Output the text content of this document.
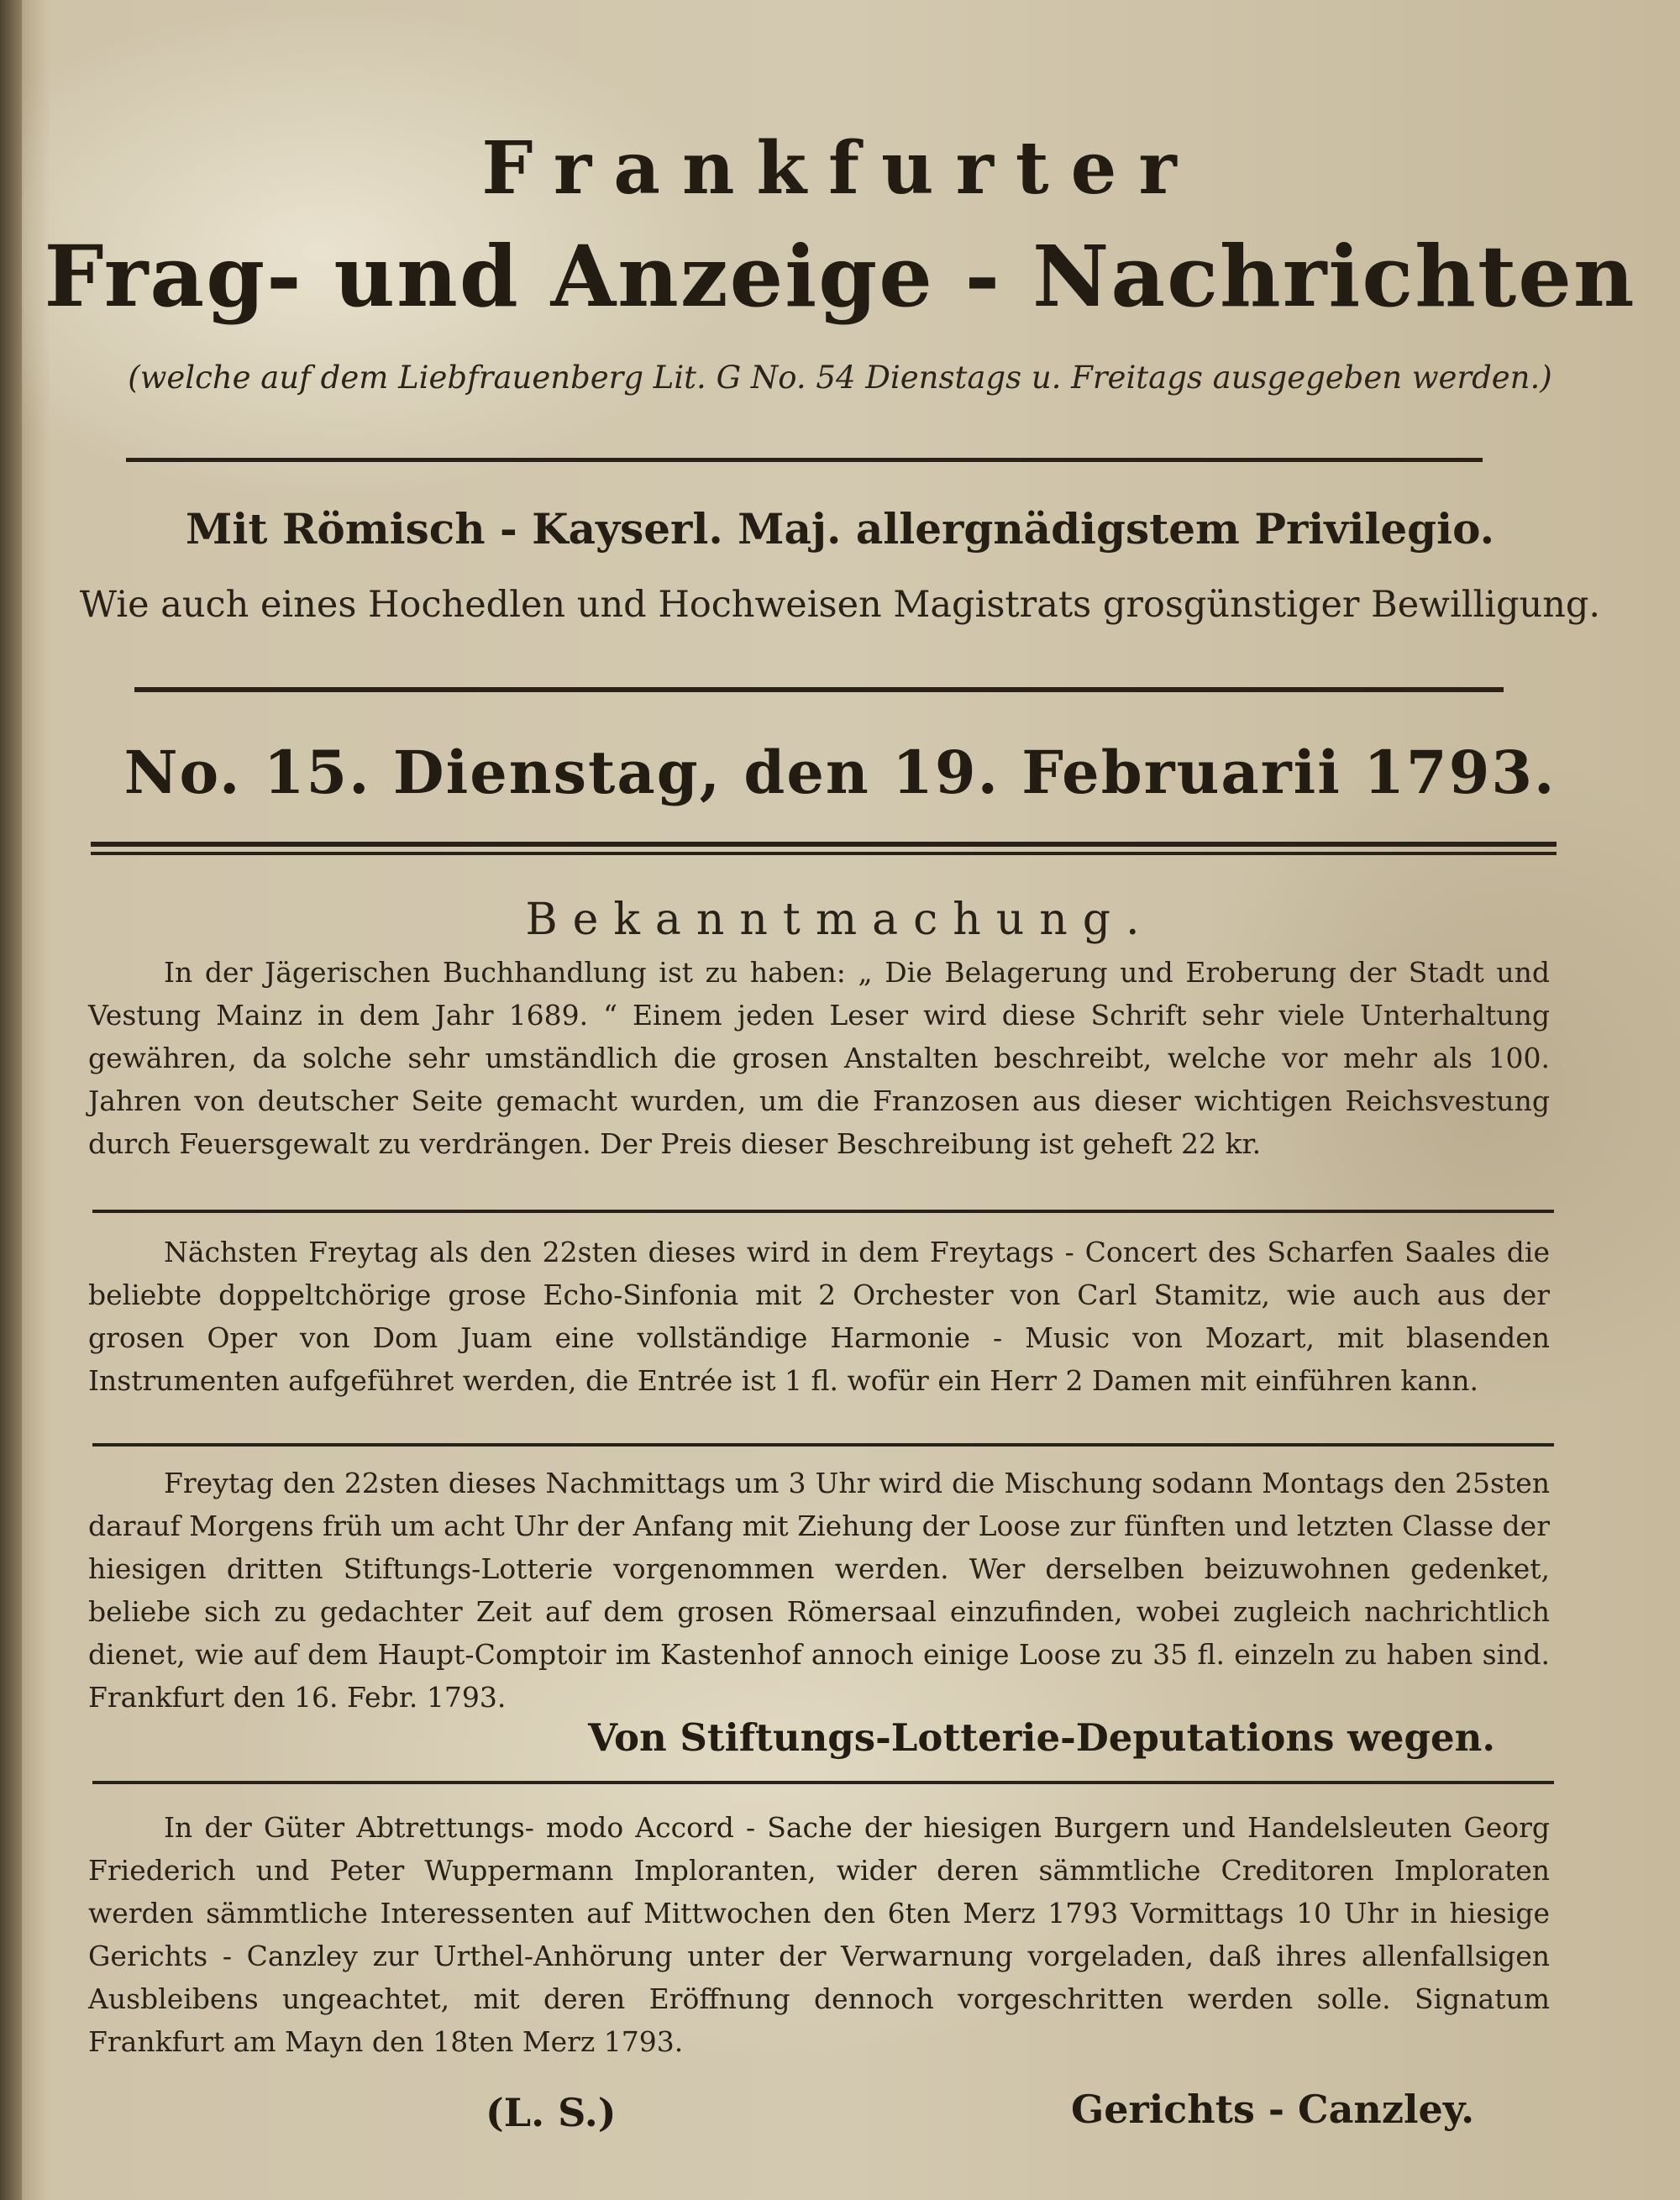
Frankfurter
Frag- und Anzeige - Nachrichten
(welche auf dem Liebfrauenberg Lit. G No. 54 Dienstags u. Freitags ausgegeben werden.)
Mit Römisch - Kayserl. Maj. allergnädigstem Privilegio.
Wie auch eines Hochedlen und Hochweisen Magistrats grosgünstiger Bewilligung.
No. 15. Dienstag, den 19. Februarii 1793.
Bekanntmachung.
In der Jägerischen Buchhandlung ist zu haben: „ Die Belagerung und Eroberung der Stadt und Vestung Mainz in dem Jahr 1689. “ Einem jeden Leser wird diese Schrift sehr viele Unterhaltung gewähren, da solche sehr umständlich die grosen Anstalten beschreibt, welche vor mehr als 100. Jahren von deutscher Seite gemacht wurden, um die Franzosen aus dieser wichtigen Reichsvestung durch Feuersgewalt zu verdrängen. Der Preis dieser Beschreibung ist geheft 22 kr.
Nächsten Freytag als den 22sten dieses wird in dem Freytags - Concert des Scharfen Saales die beliebte doppeltchörige grose Echo-Sinfonia mit 2 Orchester von Carl Stamitz, wie auch aus der grosen Oper von Dom Juam eine vollständige Harmonie - Music von Mozart, mit blasenden Instrumenten aufgeführet werden, die Entrée ist 1 fl. wofür ein Herr 2 Damen mit einführen kann.
Freytag den 22sten dieses Nachmittags um 3 Uhr wird die Mischung sodann Montags den 25sten darauf Morgens früh um acht Uhr der Anfang mit Ziehung der Loose zur fünften und letzten Classe der hiesigen dritten Stiftungs-Lotterie vorgenommen werden. Wer derselben beizuwohnen gedenket, beliebe sich zu gedachter Zeit auf dem grosen Römersaal einzufinden, wobei zugleich nachrichtlich dienet, wie auf dem Haupt-Comptoir im Kastenhof annoch einige Loose zu 35 fl. einzeln zu haben sind. Frankfurt den 16. Febr. 1793.
Von Stiftungs-Lotterie-Deputations wegen.
In der Güter Abtrettungs- modo Accord - Sache der hiesigen Burgern und Handelsleuten Georg Friederich und Peter Wuppermann Imploranten, wider deren sämmtliche Creditoren Imploraten werden sämmtliche Interessenten auf Mittwochen den 6ten Merz 1793 Vormittags 10 Uhr in hiesige Gerichts - Canzley zur Urthel-Anhörung unter der Verwarnung vorgeladen, daß ihres allenfallsigen Ausbleibens ungeachtet, mit deren Eröffnung dennoch vorgeschritten werden solle. Signatum Frankfurt am Mayn den 18ten Merz 1793.
(L. S.)	Gerichts - Canzley.
